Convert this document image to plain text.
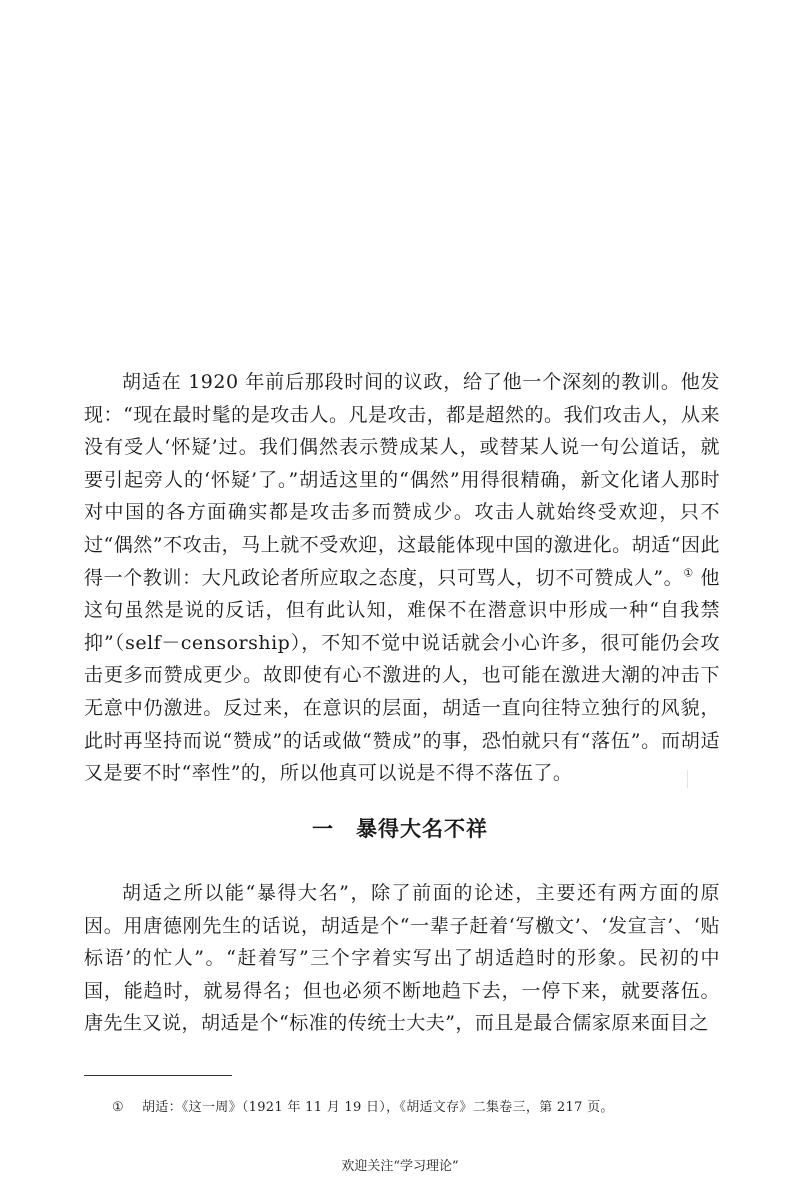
胡适在 1920 年前后那段时间的议政，给了他一个深刻的教训。他发现：“现在最时髦的是攻击人。凡是攻击，都是超然的。我们攻击人，从来没有受人‘怀疑’过。我们偶然表示赞成某人，或替某人说一句公道话，就要引起旁人的‘怀疑’了。”胡适这里的“偶然”用得很精确，新文化诸人那时对中国的各方面确实都是攻击多而赞成少。攻击人就始终受欢迎，只不过“偶然”不攻击，马上就不受欢迎，这最能体现中国的激进化。胡适“因此得一个教训：大凡政论者所应取之态度，只可骂人，切不可赞成人”。① 他这句虽然是说的反话，但有此认知，难保不在潜意识中形成一种“自我禁抑”（self－censorship），不知不觉中说话就会小心许多，很可能仍会攻击更多而赞成更少。故即使有心不激进的人，也可能在激进大潮的冲击下无意中仍激进。反过来，在意识的层面，胡适一直向往特立独行的风貌，此时再坚持而说“赞成”的话或做“赞成”的事，恐怕就只有“落伍”。而胡适又是要不时“率性”的，所以他真可以说是不得不落伍了。

一 暴得大名不祥

胡适之所以能“暴得大名”，除了前面的论述，主要还有两方面的原因。用唐德刚先生的话说，胡适是个“一辈子赶着‘写檄文’、‘发宣言’、‘贴标语’的忙人”。“赶着写”三个字着实写出了胡适趋时的形象。民初的中国，能趋时，就易得名；但也必须不断地趋下去，一停下来，就要落伍。唐先生又说，胡适是个“标准的传统士大夫”，而且是最合儒家原来面目之

① 胡适：《这一周》（1921 年 11 月 19 日），《胡适文存》二集卷三，第 217 页。
欢迎关注“学习理论”
